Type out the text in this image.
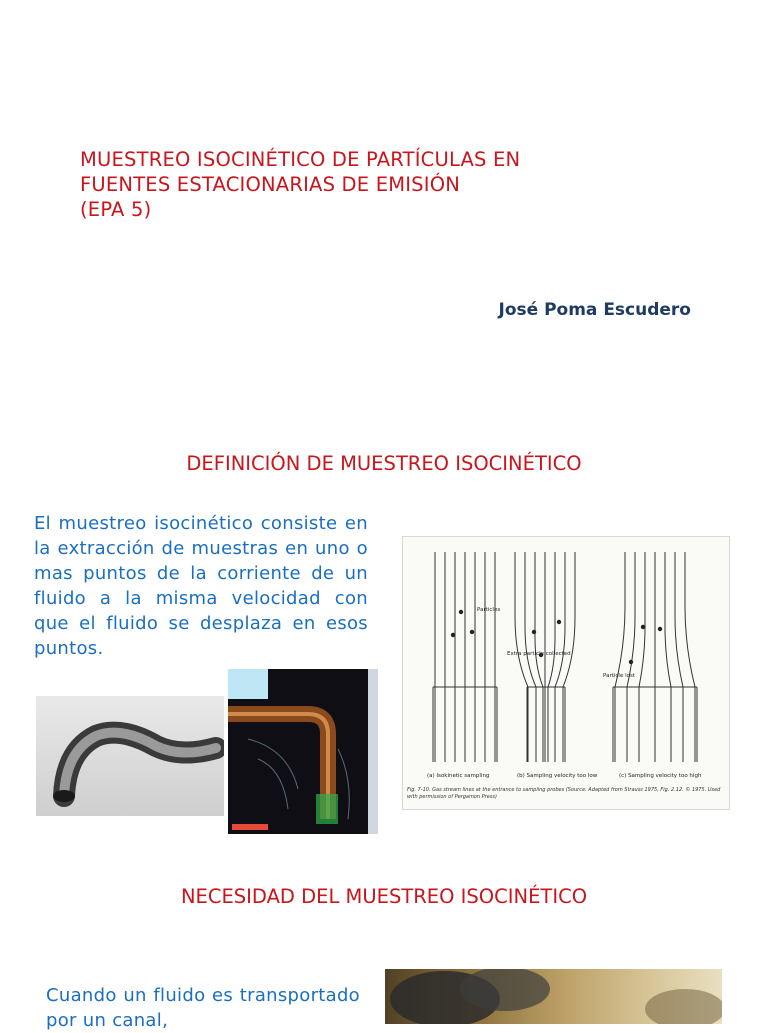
MUESTREO ISOCINÉTICO DE PARTÍCULAS EN
FUENTES ESTACIONARIAS DE EMISIÓN
(EPA 5)
José Poma Escudero
DEFINICIÓN DE MUESTREO ISOCINÉTICO
El muestreo isocinético consiste en la extracción de muestras en uno o mas puntos de la corriente de un fluido a la misma velocidad con que el fluido se desplaza en esos puntos.
Particles
Extra particle collected
Particle lost
(a) Isokinetic sampling	(b) Sampling velocity too low	(c) Sampling velocity too high
Fig. 7-10. Gas stream lines at the entrance to sampling probes (Source: Adapted from Strauss 1975, Fig. 2.12. © 1975. Used with permission of Pergamon Press)
NECESIDAD DEL MUESTREO ISOCINÉTICO
Cuando un fluido es transportado por un canal,
